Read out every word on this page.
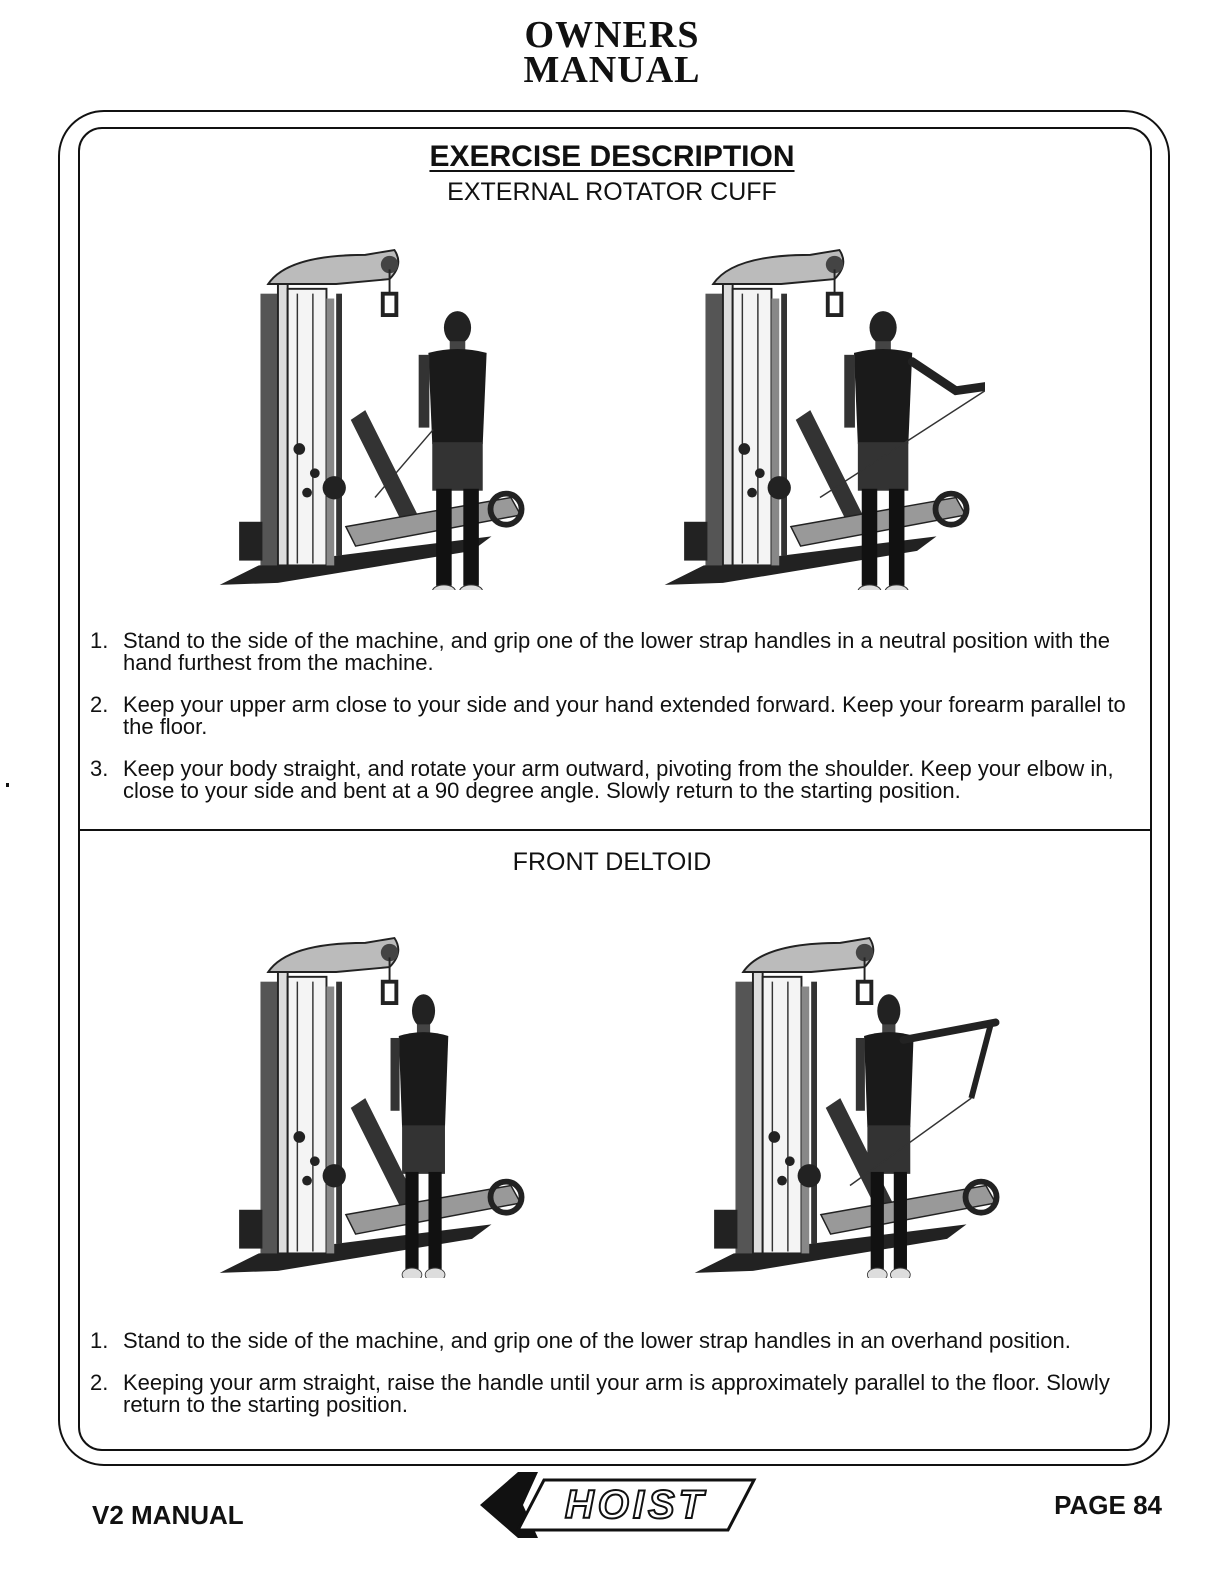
OWNERS
MANUAL
EXERCISE DESCRIPTION
EXTERNAL ROTATOR CUFF
1. Stand to the side of the machine, and grip one of the lower strap handles in a neutral position with the hand furthest from the machine.
2. Keep your upper arm close to your side and your hand extended forward. Keep your forearm parallel to the floor.
3. Keep your body straight, and rotate your arm outward, pivoting from the shoulder. Keep your elbow in, close to your side and bent at a 90 degree angle. Slowly return to the starting position.
FRONT DELTOID
1. Stand to the side of the machine, and grip one of the lower strap handles in an overhand position.
2. Keeping your arm straight, raise the handle until your arm is approximately parallel to the floor. Slowly return to the starting position.
V2 MANUAL	HOIST	PAGE 84
